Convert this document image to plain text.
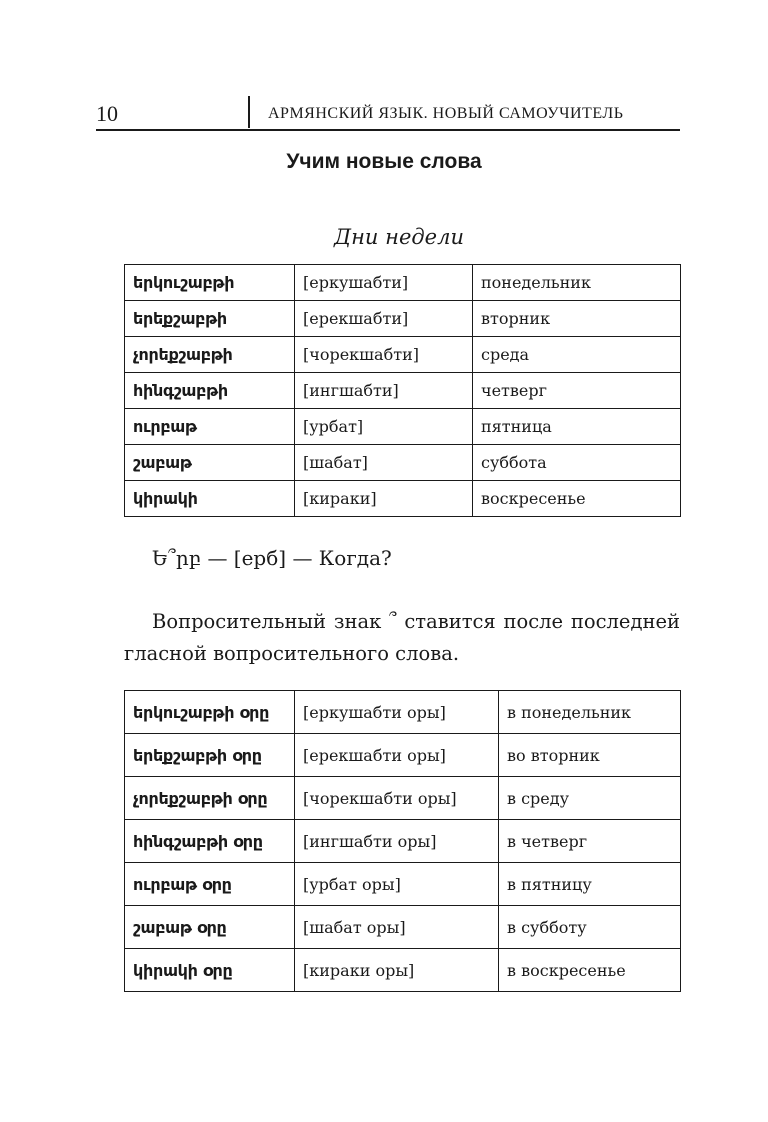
10	АРМЯНСКИЙ ЯЗЫК. НОВЫЙ САМОУЧИТЕЛЬ
Учим новые слова
Дни недели
երկուշաբթի	[еркушабти]	понедельник
երեքշաբթի	[ерекшабти]	вторник
չորեքշաբթի	[чорекшабти]	среда
հինգշաբթի	[ингшабти]	четверг
ուրբաթ	[урбат]	пятница
շաբաթ	[шабат]	суббота
կիրակի	[кираки]	воскресенье
Ե՞րբ — [ерб] — Когда?
Вопросительный знак ՞ ставится после последней гласной вопросительного слова.
երկուշաբթի օրը	[еркушабти оры]	в понедельник
երեքշաբթի օրը	[ерекшабти оры]	во вторник
չորեքշաբթի օրը	[чорекшабти оры]	в среду
հինգշաբթի օրը	[ингшабти оры]	в четверг
ուրբաթ օրը	[урбат оры]	в пятницу
շաբաթ օրը	[шабат оры]	в субботу
կիրակի օրը	[кираки оры]	в воскресенье
